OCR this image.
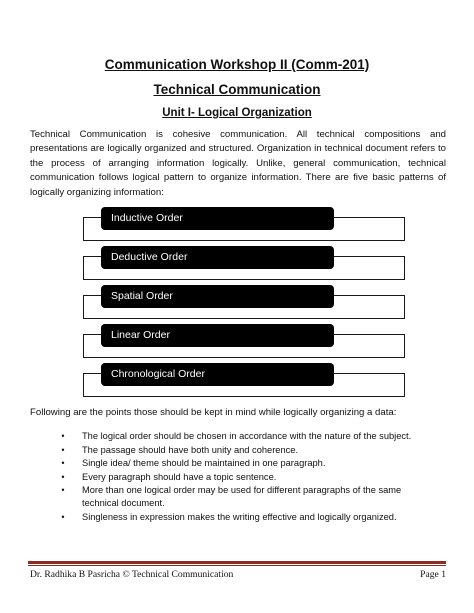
Communication Workshop II (Comm-201)
Technical Communication
Unit I- Logical Organization

Technical Communication is cohesive communication. All technical compositions and presentations are logically organized and structured. Organization in technical document refers to the process of arranging information logically. Unlike, general communication, technical communication follows logical pattern to organize information. There are five basic patterns of logically organizing information:

Inductive Order
Deductive Order
Spatial Order
Linear Order
Chronological Order

Following are the points those should be kept in mind while logically organizing a data:

•	The logical order should be chosen in accordance with the nature of the subject.
•	The passage should have both unity and coherence.
•	Single idea/ theme should be maintained in one paragraph.
•	Every paragraph should have a topic sentence.
•	More than one logical order may be used for different paragraphs of the same technical document.
•	Singleness in expression makes the writing effective and logically organized.

Dr. Radhika B Pasricha © Technical Communication	Page 1
